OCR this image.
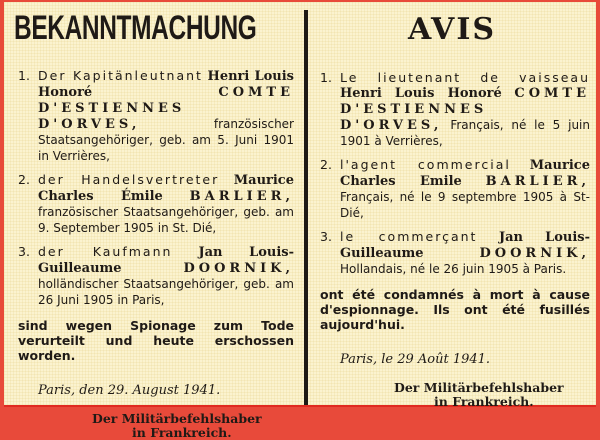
BEKANNTMACHUNG
1. Der Kapitänleutnant Henri Louis Honoré	COMTE D'ESTIENNES D'ORVES,	französischer Staatsangehöriger, geb. am 5. Juni 1901 in Verrières,
2. der Handelsvertreter Maurice Charles Émile BARLIER, französischer Staatsangehöriger, geb. am 9. September 1905 in St. Dié,
3. der Kaufmann Jan Louis-Guilleaume	DOORNIK, holländischer Staatsangehöriger, geb. am 26 Juni 1905 in Paris,

sind wegen Spionage zum Tode verurteilt und heute erschossen worden.

Paris, den 29. August 1941.

Der Militärbefehlshaber
in Frankreich.

AVIS
1. Le lieutenant de vaisseau Henri Louis Honoré COMTE D'ESTIENNES D'ORVES, Français, né le 5 juin 1901 à Verrières,
2. l'agent commercial Maurice Charles Emile BARLIER, Français, né le 9 septembre 1905 à St-Dié,
3. le commerçant Jan Louis-Guilleaume	DOORNIK, Hollandais, né le 26 juin 1905 à Paris.

ont été condamnés à mort à cause d'espionnage. Ils ont été fusillés aujourd'hui.

Paris, le 29 Août 1941.

Der Militärbefehlshaber
in Frankreich.
